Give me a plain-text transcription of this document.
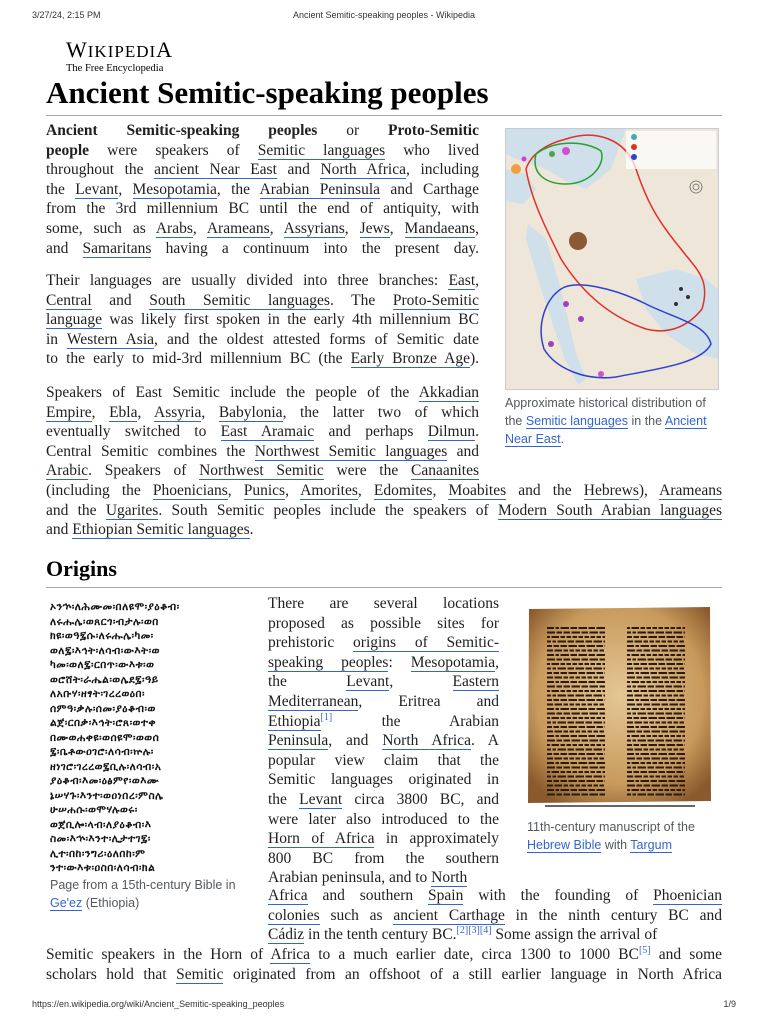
3/27/24, 2:15 PM	Ancient Semitic-speaking peoples - Wikipedia
WIKIPEDIA
The Free Encyclopedia
Ancient Semitic-speaking peoples
Ancient Semitic-speaking peoples or Proto-Semitic
people were speakers of Semitic languages who lived
throughout the ancient Near East and North Africa, including
the Levant, Mesopotamia, the Arabian Peninsula and Carthage
from the 3rd millennium BC until the end of antiquity, with
some, such as Arabs, Arameans, Assyrians, Jews, Mandaeans,
and Samaritans having a continuum into the present day.
Their languages are usually divided into three branches: East,
Central and South Semitic languages. The Proto-Semitic
language was likely first spoken in the early 4th millennium BC
in Western Asia, and the oldest attested forms of Semitic date
to the early to mid-3rd millennium BC (the Early Bronze Age).
Speakers of East Semitic include the people of the Akkadian
Empire, Ebla, Assyria, Babylonia, the latter two of which
eventually switched to East Aramaic and perhaps Dilmun.
Central Semitic combines the Northwest Semitic languages and
Arabic. Speakers of Northwest Semitic were the Canaanites
(including the Phoenicians, Punics, Amorites, Edomites, Moabites and the Hebrews), Arameans
and the Ugarites. South Semitic peoples include the speakers of Modern South Arabian languages
and Ethiopian Semitic languages.
Approximate historical distribution of the Semitic languages in the Ancient Near East.
Origins
ኦንኍ፡ለሕሙመ፡በለዩሞ፡ያዕቆብ፡
ለሩሑሌ፡ወጸርጎ፡ብታሉ፡ወበ
ክዩ፡ወዓ፯ሱ፡ለሩሑሌ፡ካመ፡
ወለ፯፡እኅት፡ለሳብ፡ውእት፡ወ
ካመ፡ወለ፯፡ርበጥ፡ውእቱ፡ወ
ወሮሸት፡ራሔል፡ወሌደ፯፡ዓይ
ለአቡሃ፡ዘፃት፡ገረረወዕበ፡
ሰምዓ፡ቃሉ፡ሰመ፡ያዕቆብ፡ወ
ልጀ፡ርበቃ፡እኅት፡ሮጸ፡ወተቀ
በሙወሐቀዩ፡ወሰዩሞ፡ወወሰ
፯፡ቤቶውዐገሮ፡ለሳብ፡ኵሉ፡
ዘነገሮ፡ገረረወ፯ቢሉ፡ለሳብ፡አ
ያዕቆብ፡እመ፡ዕፅምየ፡ወእሙ
ኔሠሃጉ፡እንተ፡ወዐነበረ፡ምስሌ
ሁሠሐሱ፡ወሞሃሉወሩ፡
ወጀቢሎ፡ላብ፡ለያዕቆብ፡እ
ስመ፡እኍ፡እንተ፡ሊታተገ፯፡
ሊተ፡በከ፡ንግሪ፡ዕለበከ፡ም
ንተ፡ውእቱ፡ዐስበ፡ለሳብ፡ክል
Page from a 15th-century Bible in Ge'ez (Ethiopia)
11th-century manuscript of the Hebrew Bible with Targum
There are several locations
proposed as possible sites for
prehistoric origins of Semitic-
speaking peoples: Mesopotamia,
the Levant, Eastern
Mediterranean, Eritrea and
Ethiopia[1] the Arabian
Peninsula, and North Africa. A
popular view claim that the
Semitic languages originated in
the Levant circa 3800 BC, and
were later also introduced to the
Horn of Africa in approximately
800 BC from the southern
Arabian peninsula, and to North
Africa and southern Spain with the founding of Phoenician
colonies such as ancient Carthage in the ninth century BC and
Cádiz in the tenth century BC.[2][3][4] Some assign the arrival of
Semitic speakers in the Horn of Africa to a much earlier date, circa 1300 to 1000 BC[5] and some
scholars hold that Semitic originated from an offshoot of a still earlier language in North Africa
https://en.wikipedia.org/wiki/Ancient_Semitic-speaking_peoples	1/9
